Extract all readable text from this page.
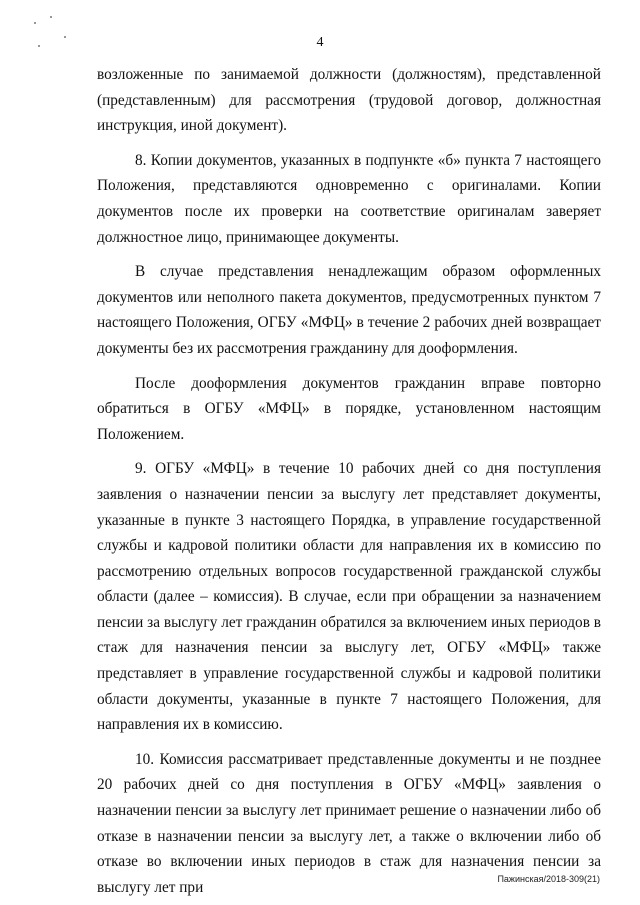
4

возложенные по занимаемой должности (должностям), представленной (представленным) для рассмотрения (трудовой договор, должностная инструкция, иной документ).

8. Копии документов, указанных в подпункте «б» пункта 7 настоящего Положения, представляются одновременно с оригиналами. Копии документов после их проверки на соответствие оригиналам заверяет должностное лицо, принимающее документы.

В случае представления ненадлежащим образом оформленных документов или неполного пакета документов, предусмотренных пунктом 7 настоящего Положения, ОГБУ «МФЦ» в течение 2 рабочих дней возвращает документы без их рассмотрения гражданину для дооформления.

После дооформления документов гражданин вправе повторно обратиться в ОГБУ «МФЦ» в порядке, установленном настоящим Положением.

9. ОГБУ «МФЦ» в течение 10 рабочих дней со дня поступления заявления о назначении пенсии за выслугу лет представляет документы, указанные в пункте 3 настоящего Порядка, в управление государственной службы и кадровой политики области для направления их в комиссию по рассмотрению отдельных вопросов государственной гражданской службы области (далее – комиссия). В случае, если при обращении за назначением пенсии за выслугу лет гражданин обратился за включением иных периодов в стаж для назначения пенсии за выслугу лет, ОГБУ «МФЦ» также представляет в управление государственной службы и кадровой политики области документы, указанные в пункте 7 настоящего Положения, для направления их в комиссию.

10. Комиссия рассматривает представленные документы и не позднее 20 рабочих дней со дня поступления в ОГБУ «МФЦ» заявления о назначении пенсии за выслугу лет принимает решение о назначении либо об отказе в назначении пенсии за выслугу лет, а также о включении либо об отказе во включении иных периодов в стаж для назначения пенсии за выслугу лет при	Пажинская/2018-309(21)
